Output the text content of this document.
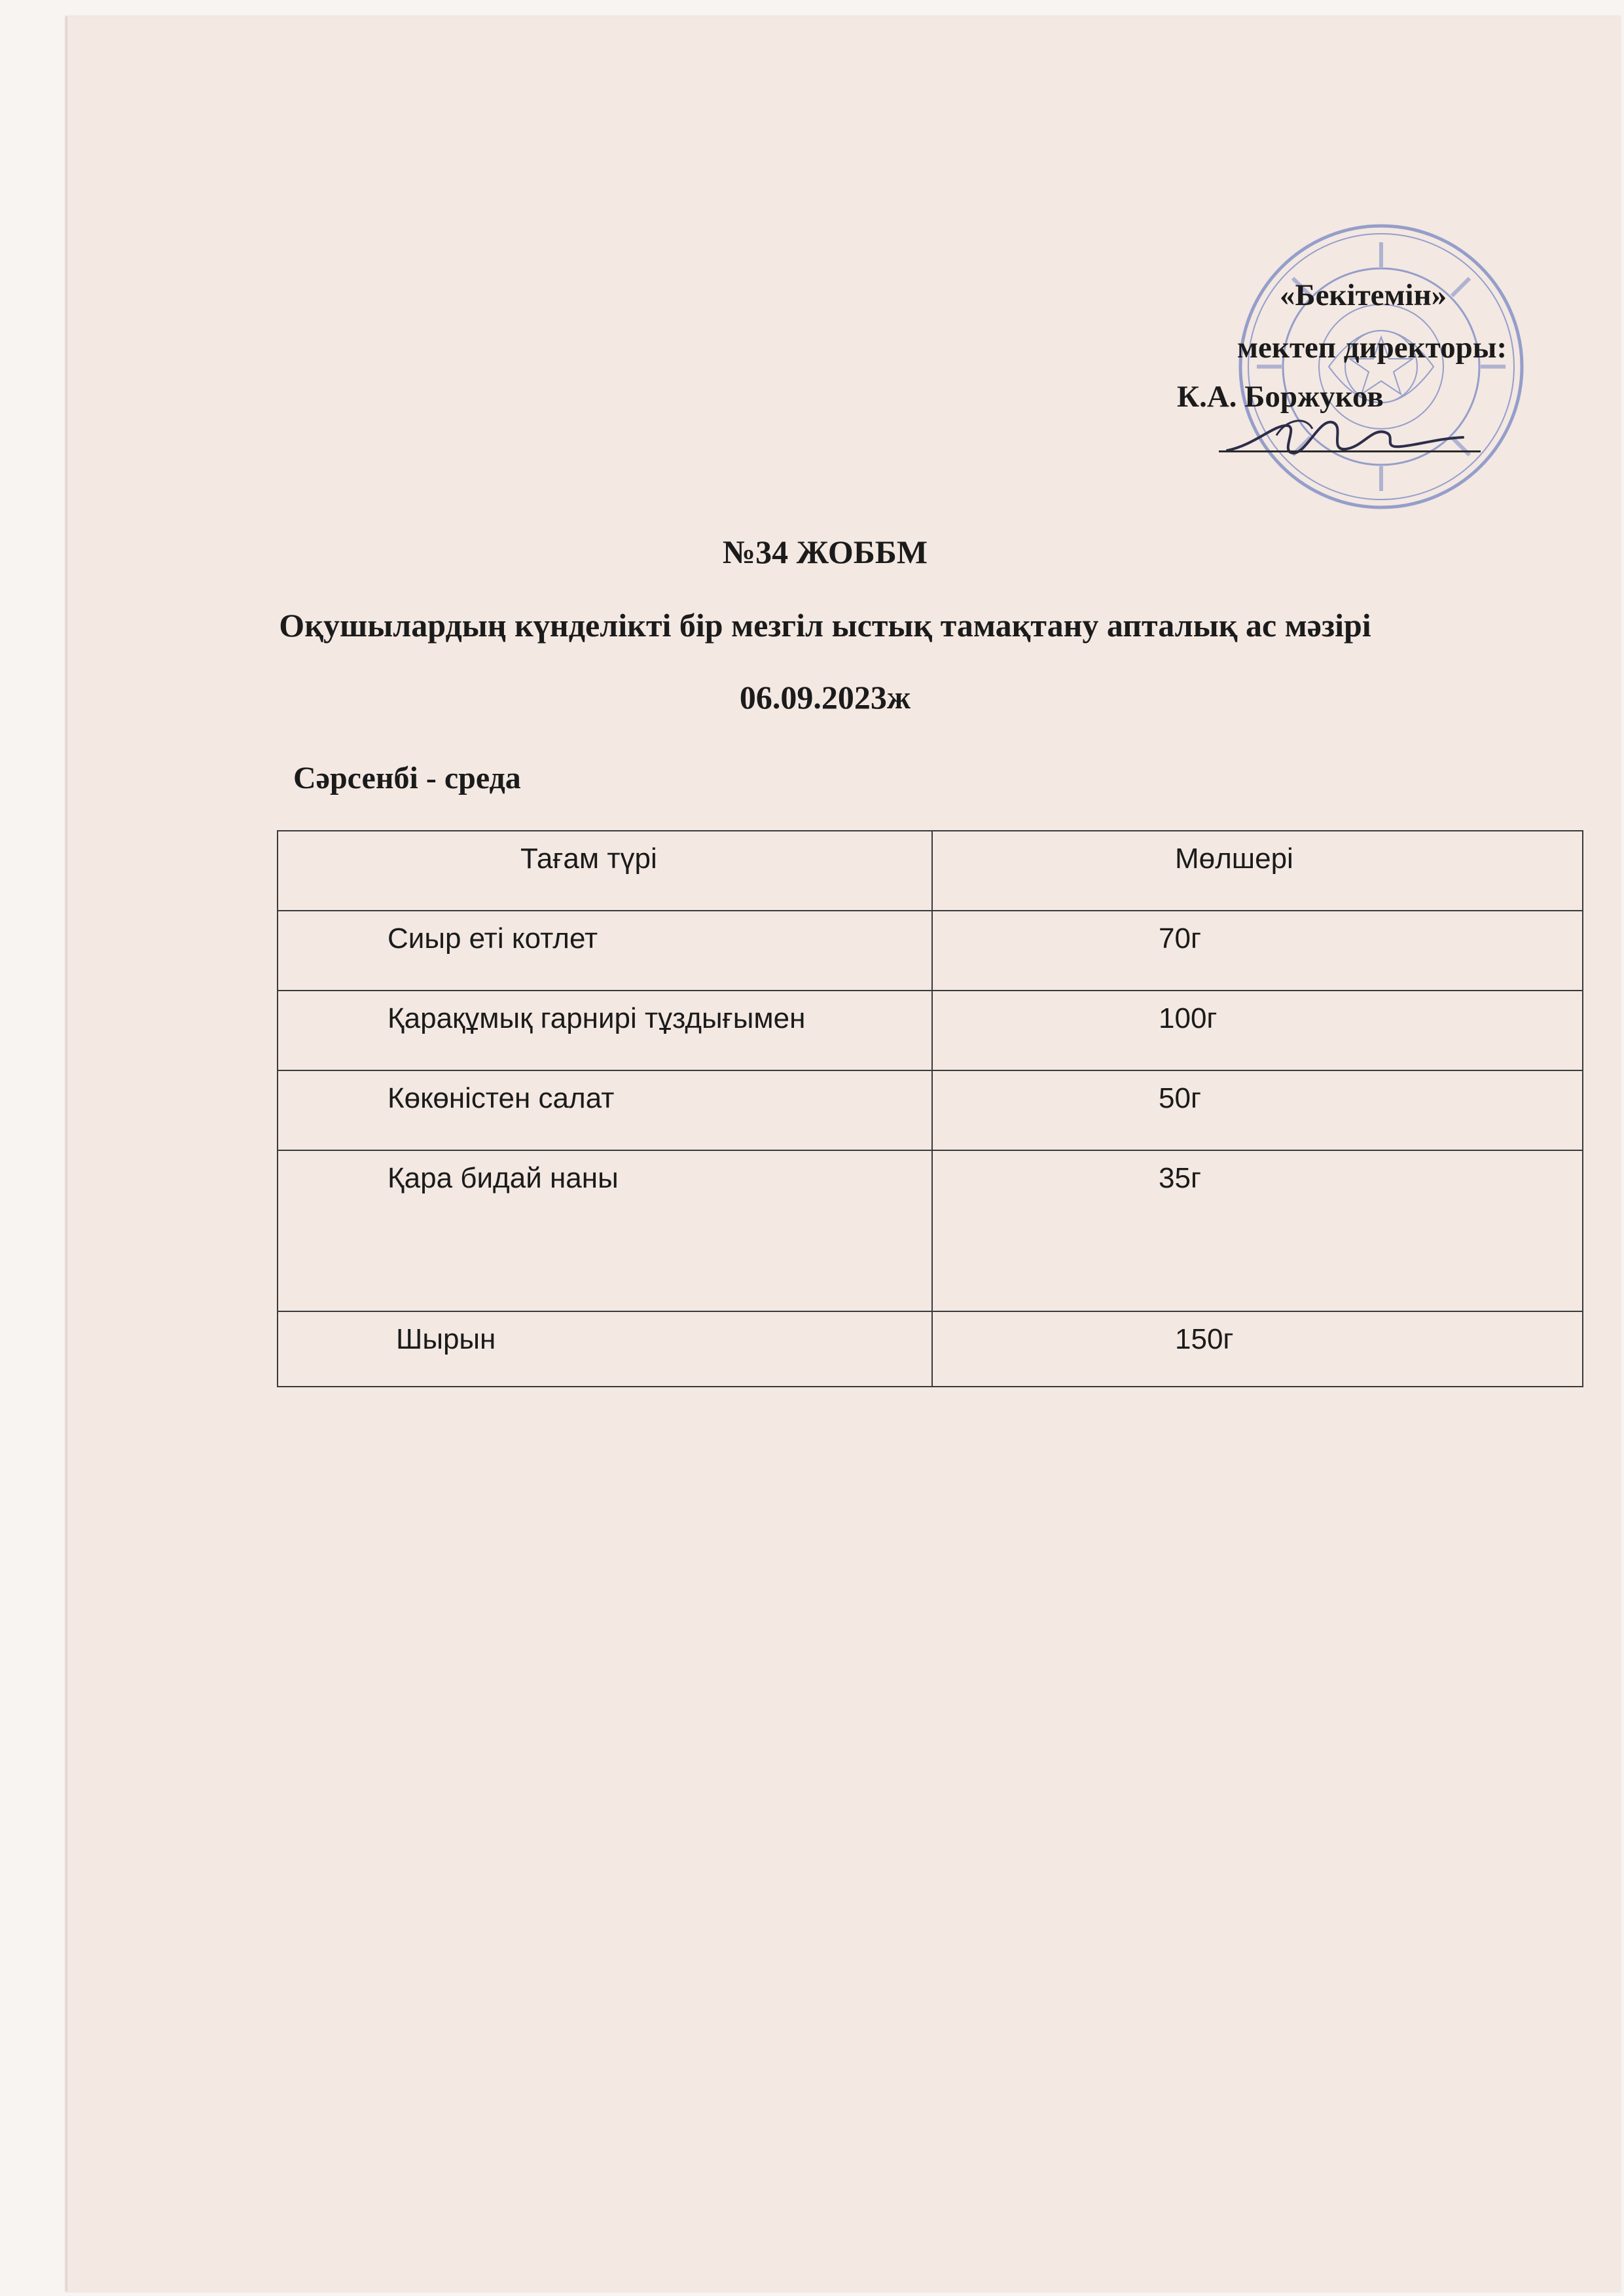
«Бекітемін»
мектеп директоры:
К.А. Боржуков
№34 ЖОББМ
Оқушылардың күнделікті бір мезгіл ыстық тамақтану апталық ас мәзірі
06.09.2023ж
Сәрсенбі - среда
Тағам түрі	Мөлшері

Сиыр еті котлет	70г

Қарақұмық гарнирі тұздығымен	100г

Көкөністен салат	50г

Қара бидай наны	35г

Шырын	150г
